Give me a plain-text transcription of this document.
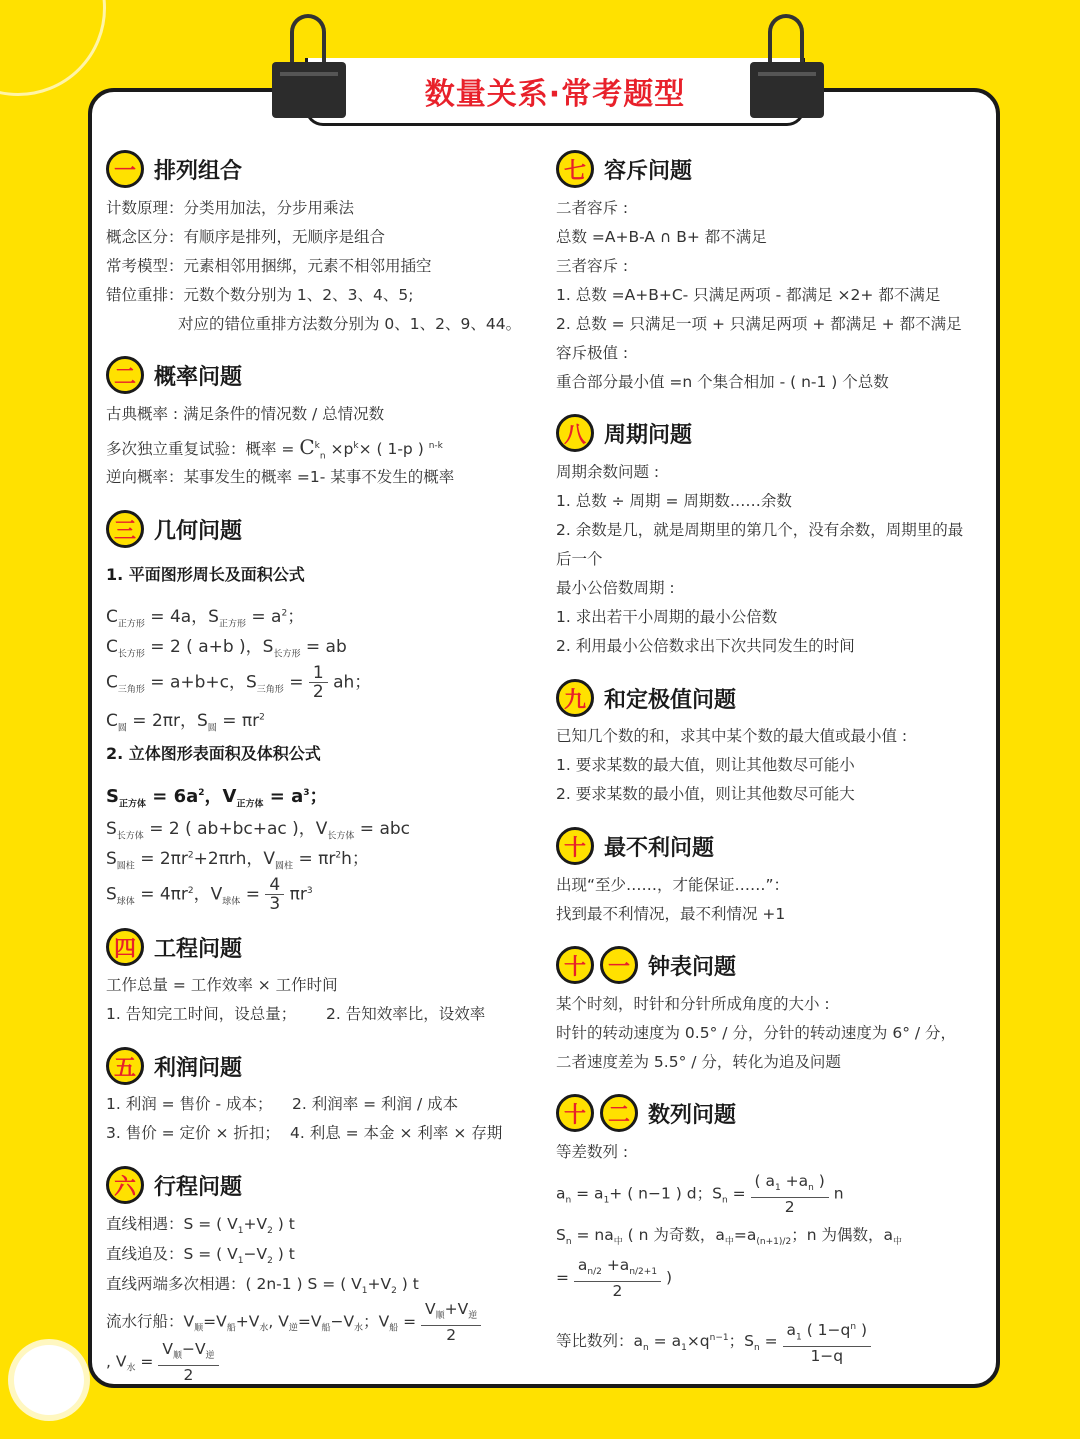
数量关系·常考题型
一 排列组合
计数原理：分类用加法，分步用乘法
概念区分：有顺序是排列，无顺序是组合
常考模型：元素相邻用捆绑，元素不相邻用插空
错位重排：元数个数分别为 1、2、3、4、5;
对应的错位重排方法数分别为 0、1、2、9、44。
二 概率问题
古典概率 : 满足条件的情况数 / 总情况数
多次独立重复试验：概率 = $C^k_n \times p^k\times$ ( 1-p ) $^{n-k}$
逆向概率：某事发生的概率 =1- 某事不发生的概率
三 几何问题
1. 平面图形周长及面积公式
$C_{正方形} = 4a$，$S_{正方形} = a^2$；
$C_{长方形} = 2$ ( a+b )，$S_{长方形}$ = ab
$C_{三角形} = a+b+c$，$S_{三角形} = \frac{1}{2}$ ah；
$C_圆 = 2\pi r$，$S_圆 = \pi r^2$
2. 立体图形表面积及体积公式
$S_{正方体} = 6a^2$，$V_{正方体} = a^3$；
$S_{长方体} = 2$ ( ab+bc+ac )，$V_{长方体}$ = abc
$S_{圆柱} = 2\pi r^2+2\pi rh$，$V_{圆柱} = \pi r^2h$；
$S_{球体} = 4\pi r^2$，$V_{球体} = \frac{4}{3} \pi r^3$
四 工程问题
工作总量 = 工作效率 × 工作时间
1. 告知完工时间，设总量； 2. 告知效率比，设效率
五 利润问题
1. 利润 = 售价 - 成本； 2. 利润率 = 利润 / 成本
3. 售价 = 定价 × 折扣； 4. 利息 = 本金 × 利率 × 存期
六 行程问题
直线相遇：S = ( $V_1+V_2$ ) t
直线追及：S = ( $V_1-V_2$ ) t
直线两端多次相遇：( 2n-1 ) S = ( $V_1+V_2$ ) t
流水行船：$V_顺=V_船+V_水$, $V_逆=V_船-V_水$；$V_船 = \frac{V_顺+V_逆}{2}$
, $V_水 = \frac{V_顺-V_逆}{2}$
七 容斥问题
二者容斥 :
总数 =A+B-A ∩ B+ 都不满足
三者容斥 :
1. 总数 =A+B+C- 只满足两项 - 都满足 ×2+ 都不满足
2. 总数 = 只满足一项 + 只满足两项 + 都满足 + 都不满足
容斥极值 :
重合部分最小值 =n 个集合相加 - ( n-1 ) 个总数
八 周期问题
周期余数问题 :
1. 总数 ÷ 周期 = 周期数……余数
2. 余数是几，就是周期里的第几个，没有余数，周期里的最
后一个
最小公倍数周期 :
1. 求出若干小周期的最小公倍数
2. 利用最小公倍数求出下次共同发生的时间
九 和定极值问题
已知几个数的和，求其中某个数的最大值或最小值 :
1. 要求某数的最大值，则让其他数尽可能小
2. 要求某数的最小值，则让其他数尽可能大
十 最不利问题
出现“至少……，才能保证……”：
找到最不利情况，最不利情况 +1
十 一 钟表问题
某个时刻，时针和分针所成角度的大小 :
时针的转动速度为 0.5° / 分，分针的转动速度为 6° / 分，
二者速度差为 5.5° / 分，转化为追及问题
十 二 数列问题
等差数列 :
$a_n = a_1+$ ( n−1 ) d；$S_n = \frac{( a_1 +a_n )}{2}$ n
$S_n = na_中$ ( n 为奇数，$a_中=a_{(n+1)/2}$；n 为偶数，$a_中$
= $\frac{a_{n/2} +a_{n/2+1}}{2}$ )
等比数列：$a_n = a_1\times q^{n-1}$；$S_n = \frac{a_1 ( 1-q^n )}{1-q}$
